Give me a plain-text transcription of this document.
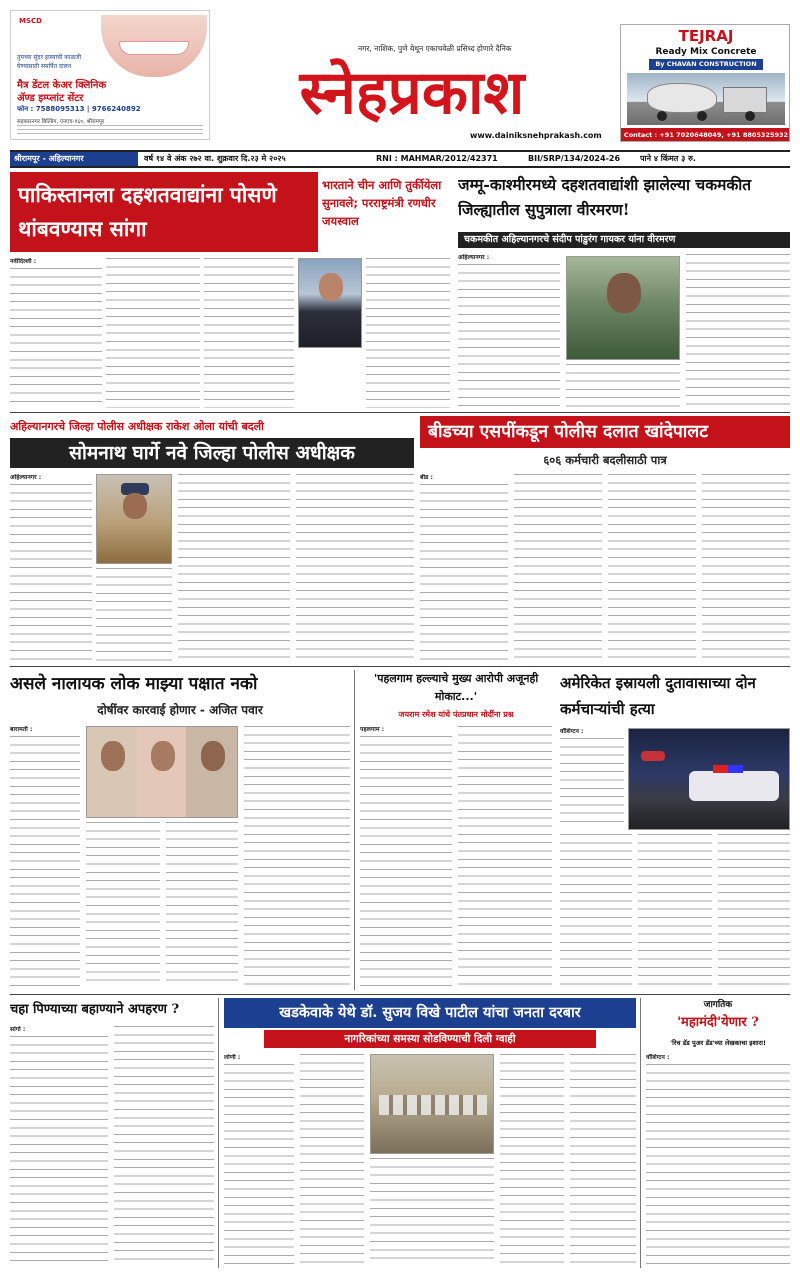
MSCD
तुमच्या सुंदर हास्याची काळजी
घेण्यासाठी समर्पित दालन
मैत्र डेंटल केअर क्लिनिक
ॲण्ड इम्प्लांट सेंटर
फोन : 7588095313 | 9766240892
सहकारनगर बिल्डिंग, एनएच-१६०, श्रीरामपूर
नगर, नाशिक, पुणे येथून एकाचवेळी प्रसिध्द होणारे दैनिक
स्नेहप्रकाश
www.dainiksnehprakash.com
TEJRAJ
Ready Mix Concrete
By CHAVAN CONSTRUCTION
Contact : +91 7020648049, +91 8805325932
श्रीरामपूर - अहिल्यानगर	वर्ष १४ वे अंक २७२ वा. शुक्रवार दि.२३ मे २०२५	RNI : MAHMAR/2012/42371	BII/SRP/134/2024-26	पाने ४ किंमत ३ रु.
पाकिस्तानला दहशतवाद्यांना पोसणे थांबवण्यास सांगा
भारताने चीन आणि तुर्कीयेला सुनावले; परराष्ट्रमंत्री रणधीर जयस्वाल
नवीदिल्ली :
जम्मू-काश्मीरमध्ये दहशतवाद्यांशी झालेल्या चकमकीत जिल्ह्यातील सुपुत्राला वीरमरण!
चकमकीत अहिल्यानगरचे संदीप पांडुरंग गायकर यांना वीरमरण
अहिल्यानगर :
अहिल्यानगरचे जिल्हा पोलीस अधीक्षक राकेश ओला यांची बदली
सोमनाथ घार्गे नवे जिल्हा पोलीस अधीक्षक
अहिल्यानगर :
बीडच्या एसपींकडून पोलीस दलात खांदेपालट
६०६ कर्मचारी बदलीसाठी पात्र
बीड :
असले नालायक लोक माझ्या पक्षात नको
दोषींवर कारवाई होणार - अजित पवार
बारामती :
'पहलगाम हल्ल्याचे मुख्य आरोपी अजूनही मोकाट...'
जयराम रमेश यांचे पंतप्रधान मोदींना प्रश्न
पहलगाम :
अमेरिकेत इस्रायली दुतावासाच्या दोन कर्मचाऱ्यांची हत्या
वॉशिंग्टन :
चहा पिण्याच्या बहाण्याने अपहरण ?
सांगो :
खडकेवाके येथे डॉ. सुजय विखे पाटील यांचा जनता दरबार
नागरिकांच्या समस्या सोडविण्याची दिली ग्वाही
लोणी :
जागतिक
'महामंदी'येणार ?
'रिच डॅड पुअर डॅड'च्या लेखकाचा इशारा!
वॉशिंग्टन :
